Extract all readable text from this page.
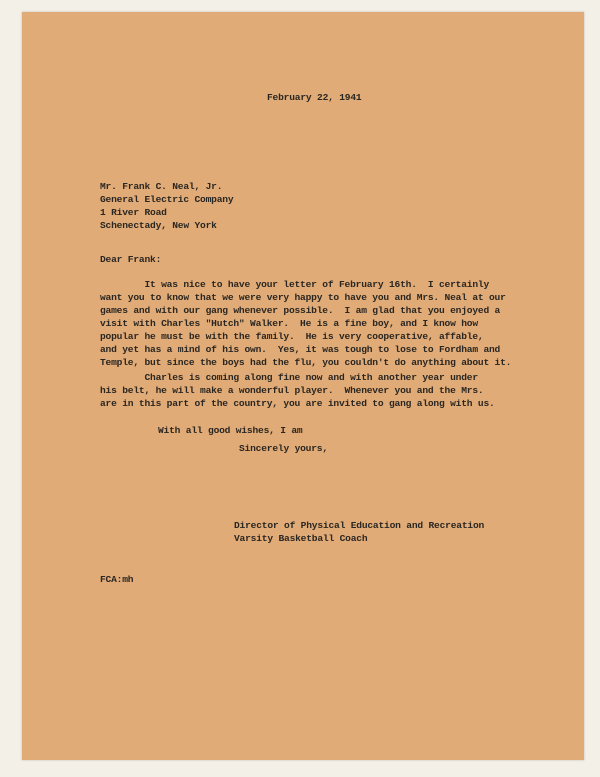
February 22, 1941
Mr. Frank C. Neal, Jr.
General Electric Company
1 River Road
Schenectady, New York
Dear Frank:
It was nice to have your letter of February 16th.  I certainly
want you to know that we were very happy to have you and Mrs. Neal at our
games and with our gang whenever possible.  I am glad that you enjoyed a
visit with Charles "Hutch" Walker.  He is a fine boy, and I know how
popular he must be with the family.  He is very cooperative, affable,
and yet has a mind of his own.  Yes, it was tough to lose to Fordham and
Temple, but since the boys had the flu, you couldn't do anything about it.
Charles is coming along fine now and with another year under
his belt, he will make a wonderful player.  Whenever you and the Mrs.
are in this part of the country, you are invited to gang along with us.
With all good wishes, I am
Sincerely yours,
Director of Physical Education and Recreation
Varsity Basketball Coach
FCA:mh
